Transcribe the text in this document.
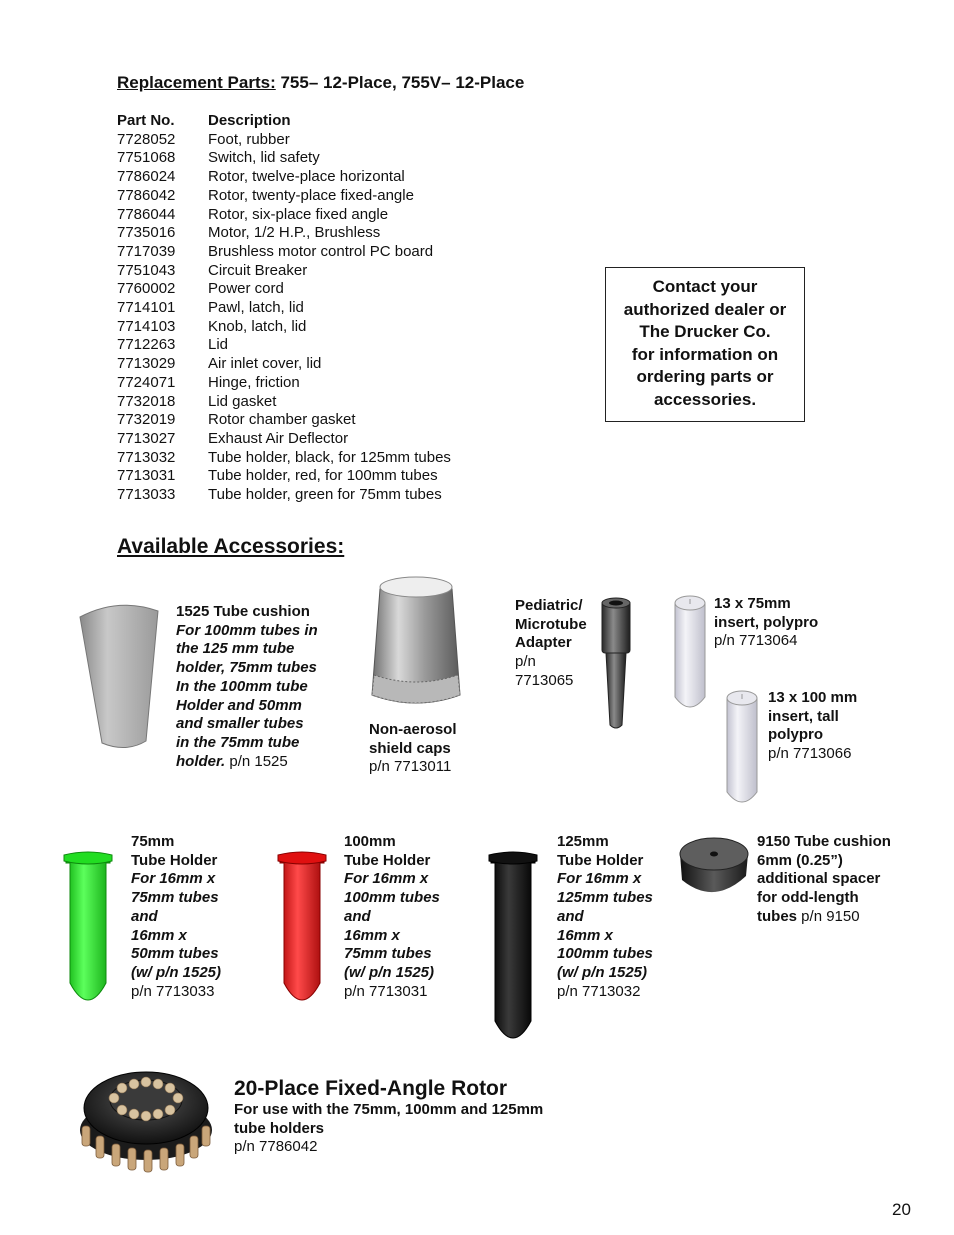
Replacement Parts: 755– 12-Place, 755V– 12-Place
Part No.	Description
7728052	Foot, rubber
7751068	Switch, lid safety
7786024	Rotor, twelve-place horizontal
7786042	Rotor, twenty-place fixed-angle
7786044	Rotor, six-place fixed angle
7735016	Motor, 1/2 H.P., Brushless
7717039	Brushless motor control PC board
7751043	Circuit Breaker
7760002	Power cord
7714101	Pawl, latch, lid
7714103	Knob, latch, lid
7712263	Lid
7713029	Air inlet cover, lid
7724071	Hinge, friction
7732018	Lid gasket
7732019	Rotor chamber gasket
7713027	Exhaust Air Deflector
7713032	Tube holder, black, for 125mm tubes
7713031	Tube holder, red, for 100mm tubes
7713033	Tube holder, green for 75mm tubes
Contact your
authorized dealer or
The Drucker Co.
for information on
ordering parts or
accessories.
Available Accessories:
1525 Tube cushion
For 100mm tubes in
the 125 mm tube
holder, 75mm tubes
In the 100mm tube
Holder and 50mm
and smaller tubes
in the 75mm tube
holder. p/n 1525
Non-aerosol
shield caps
p/n 7713011
Pediatric/
Microtube
Adapter
p/n
7713065
13 x 75mm
insert, polypro
p/n 7713064
13 x 100 mm
insert, tall
polypro
p/n 7713066
75mm
Tube Holder
For 16mm x
75mm tubes
and
16mm x
50mm tubes
(w/ p/n 1525)
p/n 7713033
100mm
Tube Holder
For 16mm x
100mm tubes
and
16mm x
75mm tubes
(w/ p/n 1525)
p/n 7713031
125mm
Tube Holder
For 16mm x
125mm tubes
and
16mm x
100mm tubes
(w/ p/n 1525)
p/n 7713032
9150 Tube cushion
6mm (0.25”)
additional spacer
for odd-length
tubes p/n 9150
20-Place Fixed-Angle Rotor
For use with the 75mm, 100mm and 125mm
tube holders
p/n 7786042
20
